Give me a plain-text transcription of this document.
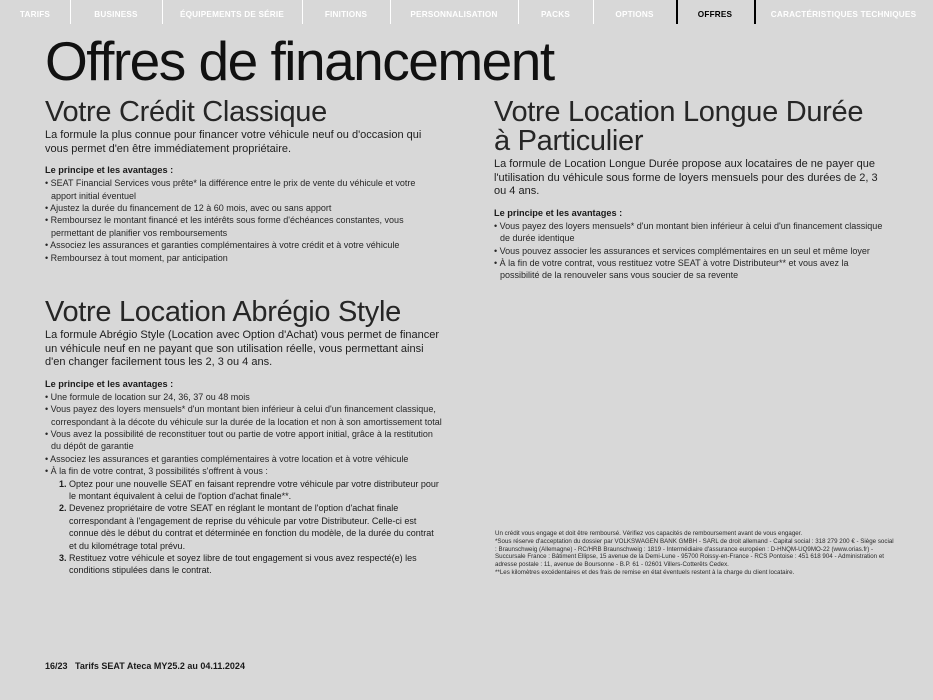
TARIFS	BUSINESS	ÉQUIPEMENTS DE SÉRIE	FINITIONS	PERSONNALISATION	PACKS	OPTIONS	OFFRES	CARACTÉRISTIQUES TECHNIQUES
Offres de financement
Votre Crédit Classique

La formule la plus connue pour financer votre véhicule neuf ou d'occasion qui vous permet d'en être immédiatement propriétaire.

Le principe et les avantages :

• SEAT Financial Services vous prête* la différence entre le prix de vente du véhicule et votre apport initial éventuel
• Ajustez la durée du financement de 12 à 60 mois, avec ou sans apport
• Remboursez le montant financé et les intérêts sous forme d'échéances constantes, vous permettant de planifier vos remboursements
• Associez les assurances et garanties complémentaires à votre crédit et à votre véhicule
• Remboursez à tout moment, par anticipation
Votre Location Abrégio Style

La formule Abrégio Style (Location avec Option d'Achat) vous permet de financer un véhicule neuf en ne payant que son utilisation réelle, vous permettant ainsi d'en changer facilement tous les 2, 3 ou 4 ans.

Le principe et les avantages :

• Une formule de location sur 24, 36, 37 ou 48 mois
• Vous payez des loyers mensuels* d'un montant bien inférieur à celui d'un financement classique, correspondant à la décote du véhicule sur la durée de la location et non à son amortissement total
• Vous avez la possibilité de reconstituer tout ou partie de votre apport initial, grâce à la restitution du dépôt de garantie
• Associez les assurances et garanties complémentaires à votre location et à votre véhicule
• À la fin de votre contrat, 3 possibilités s'offrent à vous :
1. Optez pour une nouvelle SEAT en faisant reprendre votre véhicule par votre distributeur pour le montant équivalent à celui de l'option d'achat finale**.
2. Devenez propriétaire de votre SEAT en réglant le montant de l'option d'achat finale correspondant à l'engagement de reprise du véhicule par votre Distributeur. Celle-ci est connue dès le début du contrat et déterminée en fonction du modèle, de la durée du contrat et du kilométrage total prévu.
3. Restituez votre véhicule et soyez libre de tout engagement si vous avez respecté(e) les conditions stipulées dans le contrat.
Votre Location Longue Durée
à Particulier

La formule de Location Longue Durée propose aux locataires de ne payer que l'utilisation du véhicule sous forme de loyers mensuels pour des durées de 2, 3 ou 4 ans.

Le principe et les avantages :

• Vous payez des loyers mensuels* d'un montant bien inférieur à celui d'un financement classique de durée identique
• Vous pouvez associer les assurances et services complémentaires en un seul et même loyer
• À la fin de votre contrat, vous restituez votre SEAT à votre Distributeur** et vous avez la possibilité de la renouveler sans vous soucier de sa revente

Un crédit vous engage et doit être remboursé. Vérifiez vos capacités de remboursement avant de vous engager.

*Sous réserve d'acceptation du dossier par VOLKSWAGEN BANK GMBH - SARL de droit allemand - Capital social : 318 279 200 € - Siège social : Braunschweig (Allemagne) - RC/HRB Braunschweig : 1819 - Intermédiaire d'assurance européen : D-HNQM-UQ9MO-22 (www.orias.fr) - Succursale France : Bâtiment Ellipse, 15 avenue de la Demi-Lune - 95700 Roissy-en-France - RCS Pontoise : 451 618 904 - Administration et adresse postale : 11, avenue de Boursonne - B.P. 61 - 02601 Villers-Cotterêts Cedex.

**Les kilomètres excédentaires et des frais de remise en état éventuels restent à la charge du client locataire.

16/23   Tarifs SEAT Ateca MY25.2 au 04.11.2024
